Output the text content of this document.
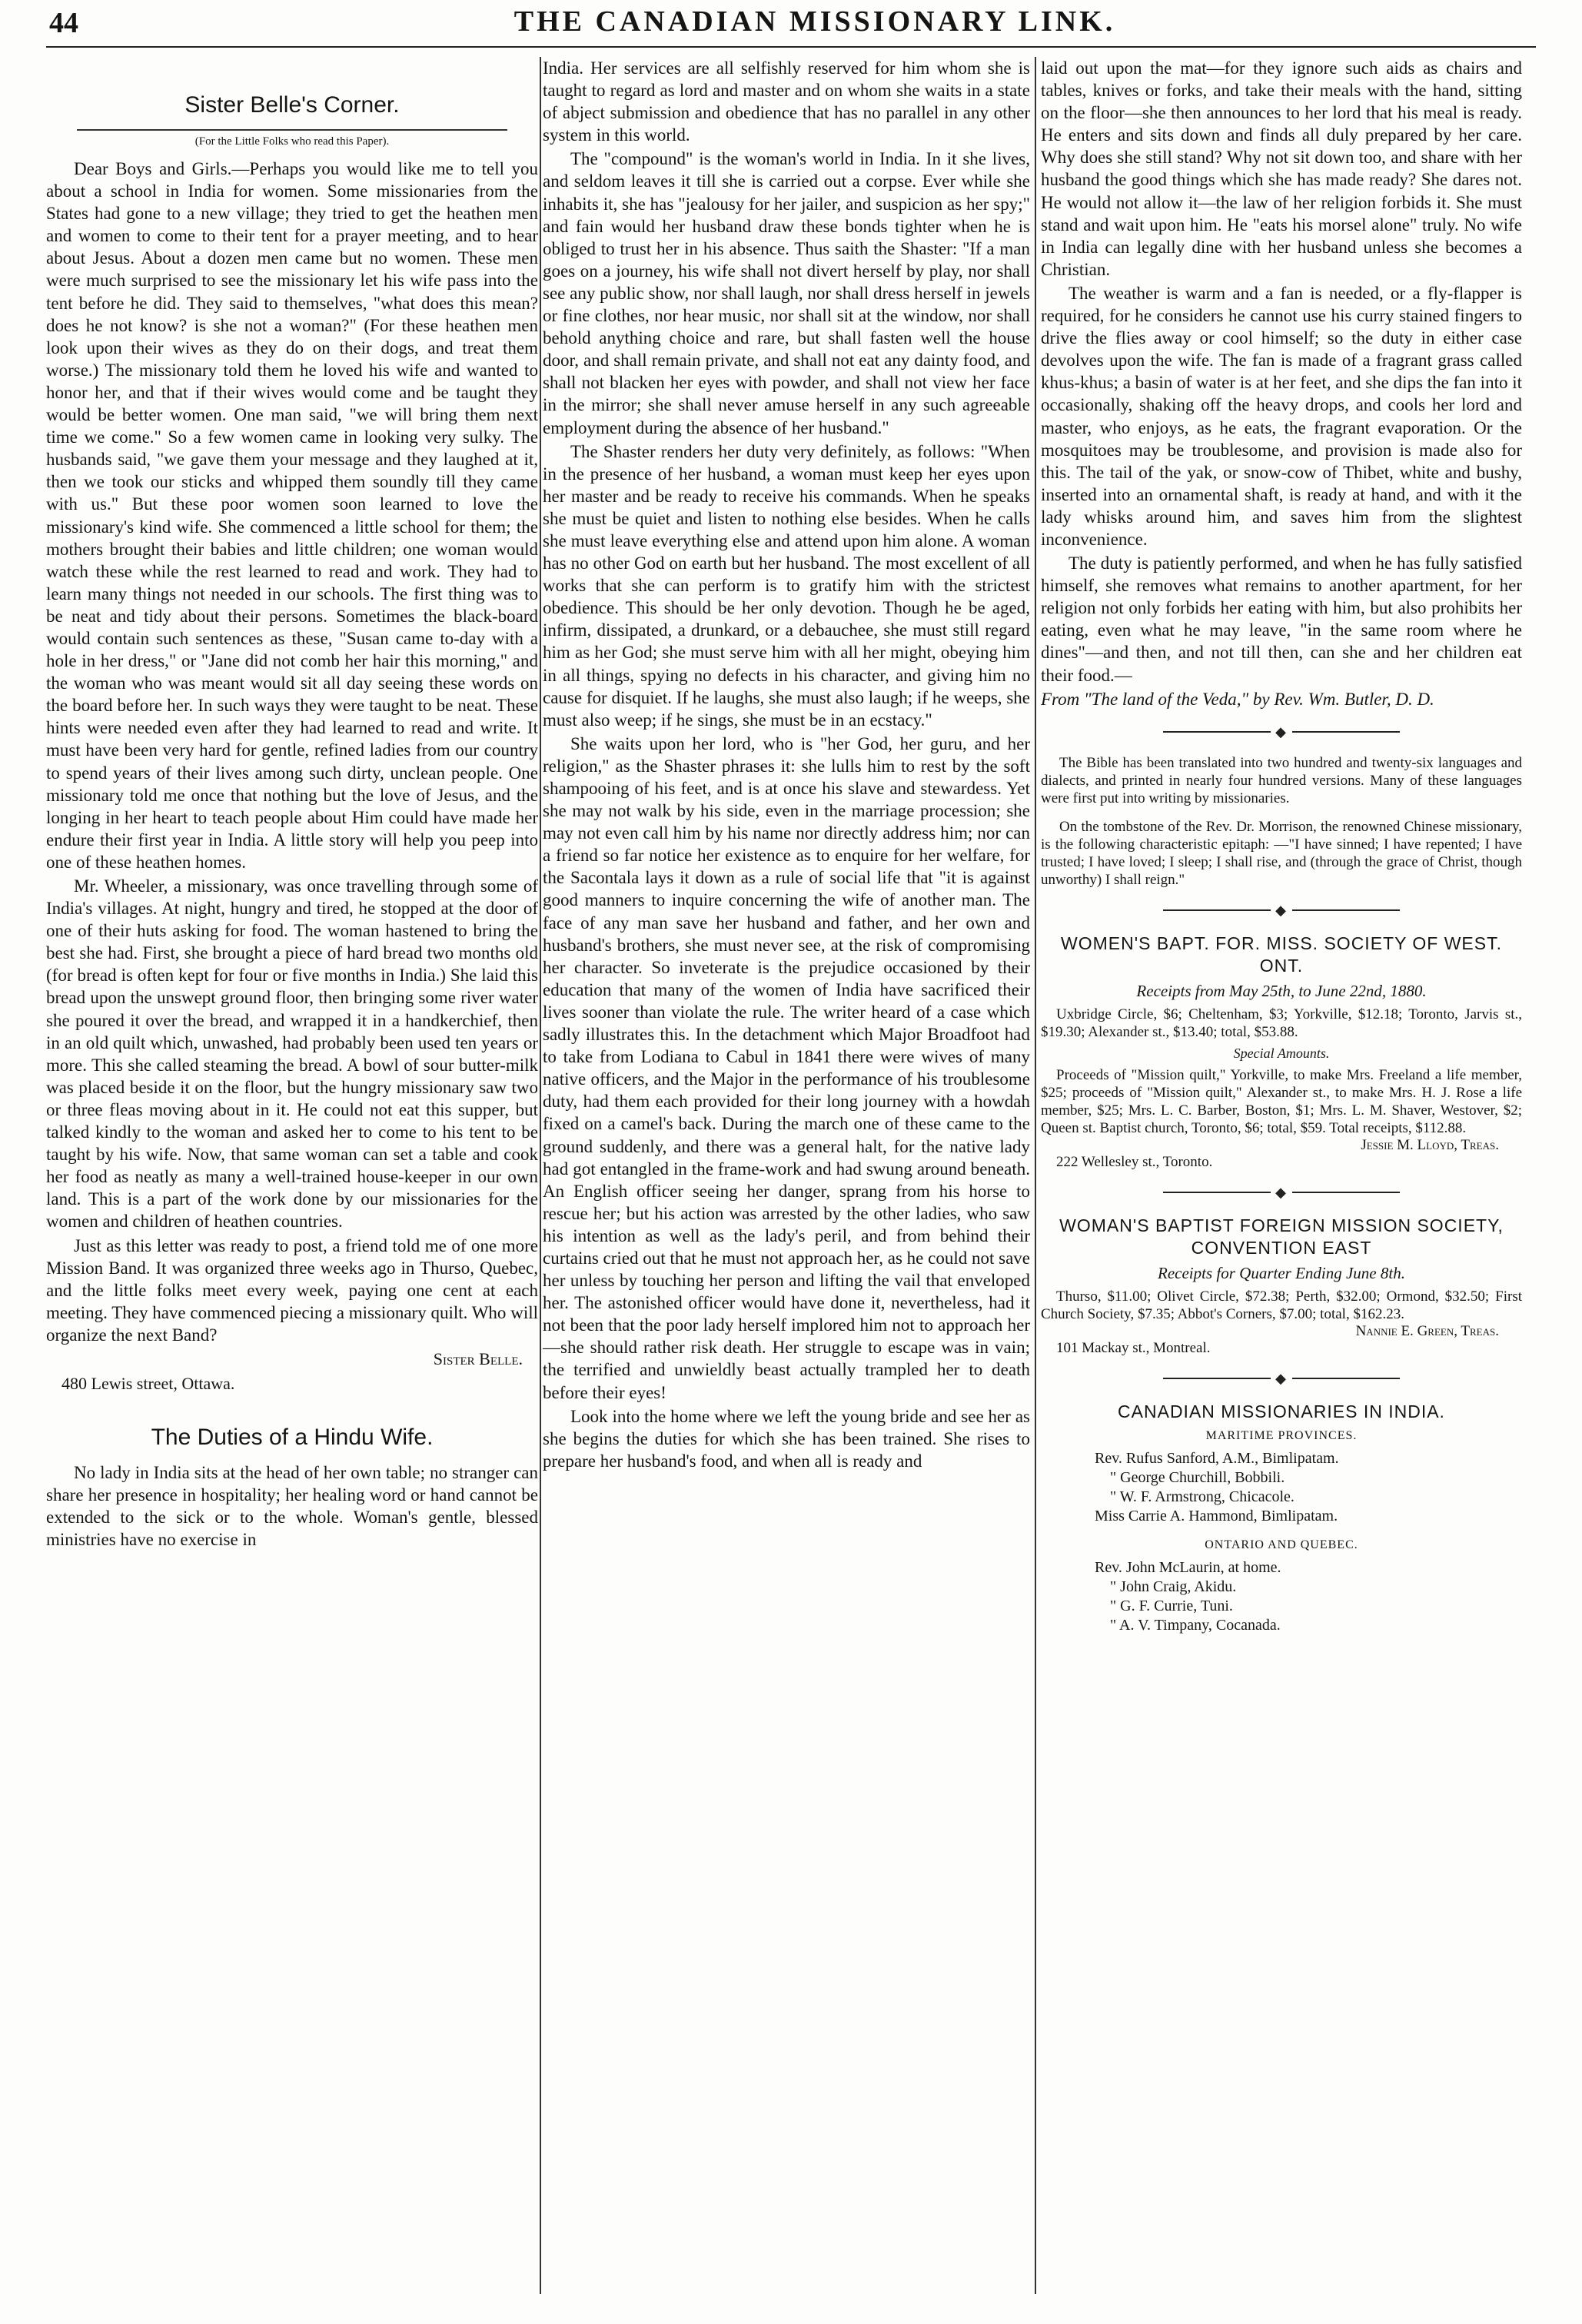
44	THE CANADIAN MISSIONARY LINK.
Sister Belle's Corner.
(For the Little Folks who read this Paper).

Dear Boys and Girls.—Perhaps you would like me to tell you about a school in India for women. Some missionaries from the States had gone to a new village; they tried to get the heathen men and women to come to their tent for a prayer meeting, and to hear about Jesus. About a dozen men came but no women. These men were much surprised to see the missionary let his wife pass into the tent before he did. They said to themselves, "what does this mean? does he not know? is she not a woman?" (For these heathen men look upon their wives as they do on their dogs, and treat them worse.) The missionary told them he loved his wife and wanted to honor her, and that if their wives would come and be taught they would be better women. One man said, "we will bring them next time we come." So a few women came in looking very sulky. The husbands said, "we gave them your message and they laughed at it, then we took our sticks and whipped them soundly till they came with us." But these poor women soon learned to love the missionary's kind wife. She commenced a little school for them; the mothers brought their babies and little children; one woman would watch these while the rest learned to read and work. They had to learn many things not needed in our schools. The first thing was to be neat and tidy about their persons. Sometimes the black-board would contain such sentences as these, "Susan came to-day with a hole in her dress," or "Jane did not comb her hair this morning," and the woman who was meant would sit all day seeing these words on the board before her. In such ways they were taught to be neat. These hints were needed even after they had learned to read and write. It must have been very hard for gentle, refined ladies from our country to spend years of their lives among such dirty, unclean people. One missionary told me once that nothing but the love of Jesus, and the longing in her heart to teach people about Him could have made her endure their first year in India. A little story will help you peep into one of these heathen homes.

Mr. Wheeler, a missionary, was once travelling through some of India's villages. At night, hungry and tired, he stopped at the door of one of their huts asking for food. The woman hastened to bring the best she had. First, she brought a piece of hard bread two months old (for bread is often kept for four or five months in India.) She laid this bread upon the unswept ground floor, then bringing some river water she poured it over the bread, and wrapped it in a handkerchief, then in an old quilt which, unwashed, had probably been used ten years or more. This she called steaming the bread. A bowl of sour butter-milk was placed beside it on the floor, but the hungry missionary saw two or three fleas moving about in it. He could not eat this supper, but talked kindly to the woman and asked her to come to his tent to be taught by his wife. Now, that same woman can set a table and cook her food as neatly as many a well-trained house-keeper in our own land. This is a part of the work done by our missionaries for the women and children of heathen countries.

Just as this letter was ready to post, a friend told me of one more Mission Band. It was organized three weeks ago in Thurso, Quebec, and the little folks meet every week, paying one cent at each meeting. They have commenced piecing a missionary quilt. Who will organize the next Band?

Sister Belle.
480 Lewis street, Ottawa.
The Duties of a Hindu Wife.

No lady in India sits at the head of her own table; no stranger can share her presence in hospitality; her healing word or hand cannot be extended to the sick or to the whole. Woman's gentle, blessed ministries have no exercise in

India. Her services are all selfishly reserved for him whom she is taught to regard as lord and master and on whom she waits in a state of abject submission and obedience that has no parallel in any other system in this world.

The "compound" is the woman's world in India. In it she lives, and seldom leaves it till she is carried out a corpse. Ever while she inhabits it, she has "jealousy for her jailer, and suspicion as her spy;" and fain would her husband draw these bonds tighter when he is obliged to trust her in his absence. Thus saith the Shaster: "If a man goes on a journey, his wife shall not divert herself by play, nor shall see any public show, nor shall laugh, nor shall dress herself in jewels or fine clothes, nor hear music, nor shall sit at the window, nor shall behold anything choice and rare, but shall fasten well the house door, and shall remain private, and shall not eat any dainty food, and shall not blacken her eyes with powder, and shall not view her face in the mirror; she shall never amuse herself in any such agreeable employment during the absence of her husband."

The Shaster renders her duty very definitely, as follows: "When in the presence of her husband, a woman must keep her eyes upon her master and be ready to receive his commands. When he speaks she must be quiet and listen to nothing else besides. When he calls she must leave everything else and attend upon him alone. A woman has no other God on earth but her husband. The most excellent of all works that she can perform is to gratify him with the strictest obedience. This should be her only devotion. Though he be aged, infirm, dissipated, a drunkard, or a debauchee, she must still regard him as her God; she must serve him with all her might, obeying him in all things, spying no defects in his character, and giving him no cause for disquiet. If he laughs, she must also laugh; if he weeps, she must also weep; if he sings, she must be in an ecstacy."

She waits upon her lord, who is "her God, her guru, and her religion," as the Shaster phrases it: she lulls him to rest by the soft shampooing of his feet, and is at once his slave and stewardess. Yet she may not walk by his side, even in the marriage procession; she may not even call him by his name nor directly address him; nor can a friend so far notice her existence as to enquire for her welfare, for the Sacontala lays it down as a rule of social life that "it is against good manners to inquire concerning the wife of another man. The face of any man save her husband and father, and her own and husband's brothers, she must never see, at the risk of compromising her character. So inveterate is the prejudice occasioned by their education that many of the women of India have sacrificed their lives sooner than violate the rule. The writer heard of a case which sadly illustrates this. In the detachment which Major Broadfoot had to take from Lodiana to Cabul in 1841 there were wives of many native officers, and the Major in the performance of his troublesome duty, had them each provided for their long journey with a howdah fixed on a camel's back. During the march one of these came to the ground suddenly, and there was a general halt, for the native lady had got entangled in the frame-work and had swung around beneath. An English officer seeing her danger, sprang from his horse to rescue her; but his action was arrested by the other ladies, who saw his intention as well as the lady's peril, and from behind their curtains cried out that he must not approach her, as he could not save her unless by touching her person and lifting the vail that enveloped her. The astonished officer would have done it, nevertheless, had it not been that the poor lady herself implored him not to approach her—she should rather risk death. Her struggle to escape was in vain; the terrified and unwieldly beast actually trampled her to death before their eyes!

Look into the home where we left the young bride and see her as she begins the duties for which she has been trained. She rises to prepare her husband's food, and when all is ready and

laid out upon the mat—for they ignore such aids as chairs and tables, knives or forks, and take their meals with the hand, sitting on the floor—she then announces to her lord that his meal is ready. He enters and sits down and finds all duly prepared by her care. Why does she still stand? Why not sit down too, and share with her husband the good things which she has made ready? She dares not. He would not allow it—the law of her religion forbids it. She must stand and wait upon him. He "eats his morsel alone" truly. No wife in India can legally dine with her husband unless she becomes a Christian.

The weather is warm and a fan is needed, or a fly-flapper is required, for he considers he cannot use his curry stained fingers to drive the flies away or cool himself; so the duty in either case devolves upon the wife. The fan is made of a fragrant grass called khus-khus; a basin of water is at her feet, and she dips the fan into it occasionally, shaking off the heavy drops, and cools her lord and master, who enjoys, as he eats, the fragrant evaporation. Or the mosquitoes may be troublesome, and provision is made also for this. The tail of the yak, or snow-cow of Thibet, white and bushy, inserted into an ornamental shaft, is ready at hand, and with it the lady whisks around him, and saves him from the slightest inconvenience.

The duty is patiently performed, and when he has fully satisfied himself, she removes what remains to another apartment, for her religion not only forbids her eating with him, but also prohibits her eating, even what he may leave, "in the same room where he dines"—and then, and not till then, can she and her children eat their food.—

From "The land of the Veda," by Rev. Wm. Butler, D. D.

◆

The Bible has been translated into two hundred and twenty-six languages and dialects, and printed in nearly four hundred versions. Many of these languages were first put into writing by missionaries.

On the tombstone of the Rev. Dr. Morrison, the renowned Chinese missionary, is the following characteristic epitaph: —"I have sinned; I have repented; I have trusted; I have loved; I sleep; I shall rise, and (through the grace of Christ, though unworthy) I shall reign."

◆
WOMEN'S BAPT. FOR. MISS. SOCIETY OF WEST. ONT.
Receipts from May 25th, to June 22nd, 1880.

Uxbridge Circle, $6; Cheltenham, $3; Yorkville, $12.18; Toronto, Jarvis st., $19.30; Alexander st., $13.40; total, $53.88.

Special Amounts.

Proceeds of "Mission quilt," Yorkville, to make Mrs. Freeland a life member, $25; proceeds of "Mission quilt," Alexander st., to make Mrs. H. J. Rose a life member, $25; Mrs. L. C. Barber, Boston, $1; Mrs. L. M. Shaver, Westover, $2; Queen st. Baptist church, Toronto, $6; total, $59. Total receipts, $112.88.

Jessie M. Lloyd, Treas.
222 Wellesley st., Toronto.
◆
WOMAN'S BAPTIST FOREIGN MISSION SOCIETY, CONVENTION EAST
Receipts for Quarter Ending June 8th.

Thurso, $11.00; Olivet Circle, $72.38; Perth, $32.00; Ormond, $32.50; First Church Society, $7.35; Abbot's Corners, $7.00; total, $162.23.

Nannie E. Green, Treas.
101 Mackay st., Montreal.
◆
CANADIAN MISSIONARIES IN INDIA.
MARITIME PROVINCES.
Rev. Rufus Sanford, A.M., Bimlipatam.
" George Churchill, Bobbili.
" W. F. Armstrong, Chicacole.
Miss Carrie A. Hammond, Bimlipatam.
ONTARIO AND QUEBEC.
Rev. John McLaurin, at home.
" John Craig, Akidu.
" G. F. Currie, Tuni.
" A. V. Timpany, Cocanada.
